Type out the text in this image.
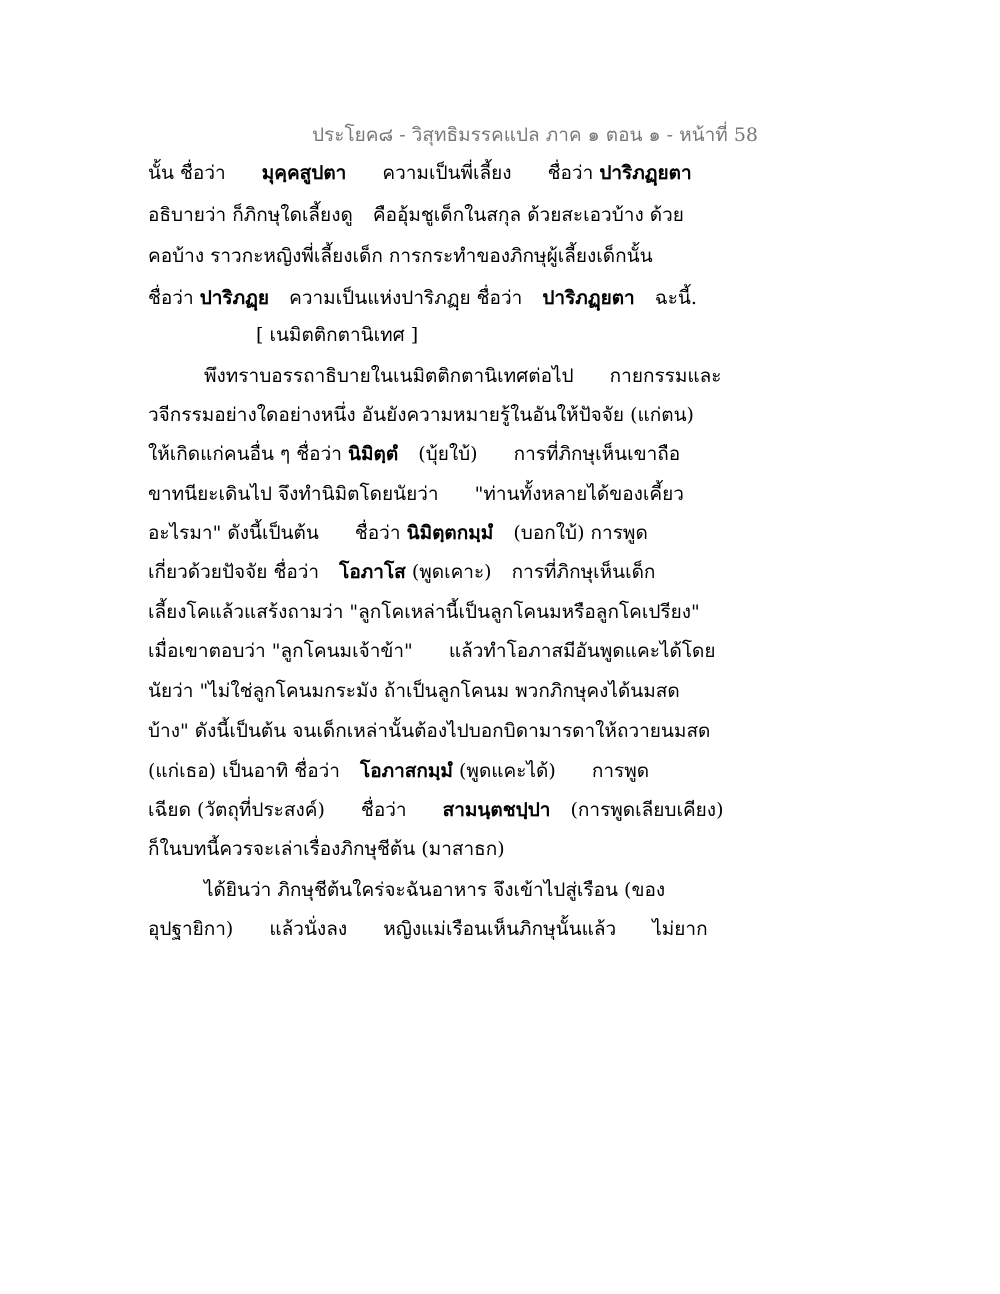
ประโยค๘ - วิสุทธิมรรคแปล ภาค ๑ ตอน ๑ - หน้าที่ 58
นั้น ชื่อว่า มุคฺคสูปตา ความเป็นพี่เลี้ยง ชื่อว่า ปาริภฏฺยตา
อธิบายว่า ก็ภิกษุใดเลี้ยงดู คืออุ้มชูเด็กในสกุล ด้วยสะเอวบ้าง ด้วย
คอบ้าง ราวกะหญิงพี่เลี้ยงเด็ก การกระทำของภิกษุผู้เลี้ยงเด็กนั้น
ชื่อว่า ปาริภฏฺย ความเป็นแห่งปาริภฏฺย ชื่อว่า ปาริภฏฺยตา ฉะนี้.
[ เนมิตติกตานิเทศ ]
พึงทราบอรรถาธิบายในเนมิตติกตานิเทศต่อไป กายกรรมและ
วจีกรรมอย่างใดอย่างหนึ่ง อันยังความหมายรู้ในอันให้ปัจจัย (แก่ตน)
ให้เกิดแก่คนอื่น ๆ ชื่อว่า นิมิตฺตํ (บุ้ยใบ้) การที่ภิกษุเห็นเขาถือ
ขาทนียะเดินไป จึงทำนิมิตโดยนัยว่า "ท่านทั้งหลายได้ของเคี้ยว
อะไรมา" ดังนี้เป็นต้น ชื่อว่า นิมิตฺตกมฺมํ (บอกใบ้) การพูด
เกี่ยวด้วยปัจจัย ชื่อว่า โอภาโส (พูดเคาะ) การที่ภิกษุเห็นเด็ก
เลี้ยงโคแล้วแสร้งถามว่า "ลูกโคเหล่านี้เป็นลูกโคนมหรือลูกโคเปรียง"
เมื่อเขาตอบว่า "ลูกโคนมเจ้าข้า" แล้วทำโอภาสมีอันพูดแคะได้โดย
นัยว่า "ไม่ใช่ลูกโคนมกระมัง ถ้าเป็นลูกโคนม พวกภิกษุคงได้นมสด
บ้าง" ดังนี้เป็นต้น จนเด็กเหล่านั้นต้องไปบอกบิดามารดาให้ถวายนมสด
(แก่เธอ) เป็นอาทิ ชื่อว่า โอภาสกมฺมํ (พูดแคะได้) การพูด
เฉียด (วัตถุที่ประสงค์) ชื่อว่า สามนฺตชปฺปา (การพูดเลียบเคียง)
ก็ในบทนี้ควรจะเล่าเรื่องภิกษุชีต้น (มาสาธก)
ได้ยินว่า ภิกษุชีต้นใคร่จะฉันอาหาร จึงเข้าไปสู่เรือน (ของ
อุปฐายิกา) แล้วนั่งลง หญิงแม่เรือนเห็นภิกษุนั้นแล้ว ไม่ยาก
